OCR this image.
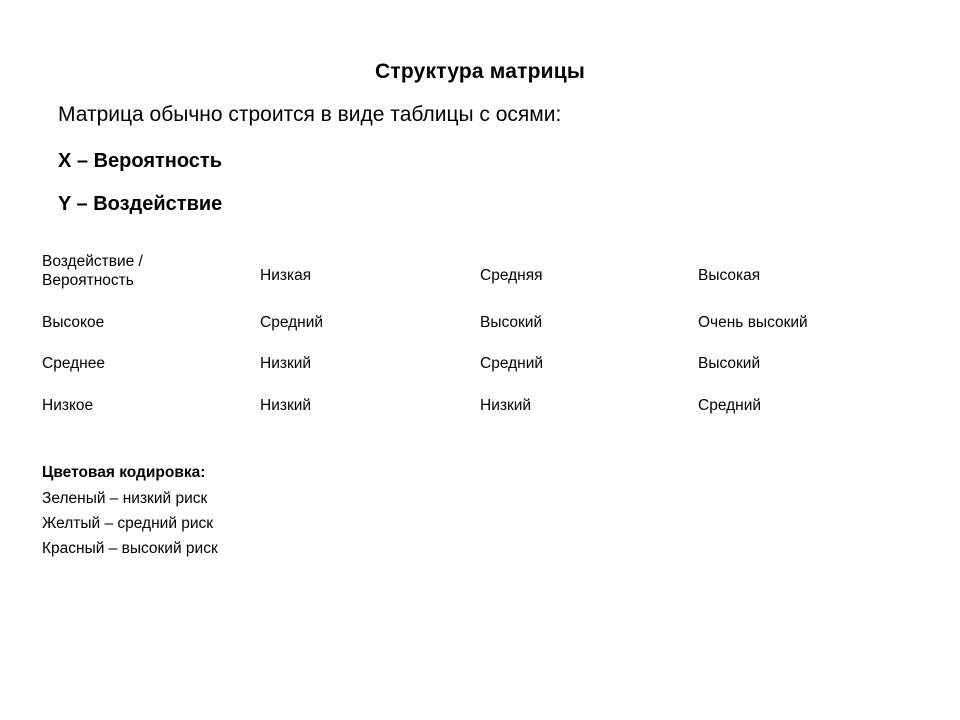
Структура матрицы
Матрица обычно строится в виде таблицы с осями:
X – Вероятность
Y – Воздействие
Воздействие /
Вероятность	Низкая	Средняя	Высокая
Высокое	Средний	Высокий	Очень высокий
Среднее	Низкий	Средний	Высокий
Низкое	Низкий	Низкий	Средний
Цветовая кодировка:
Зеленый – низкий риск
Желтый – средний риск
Красный – высокий риск
